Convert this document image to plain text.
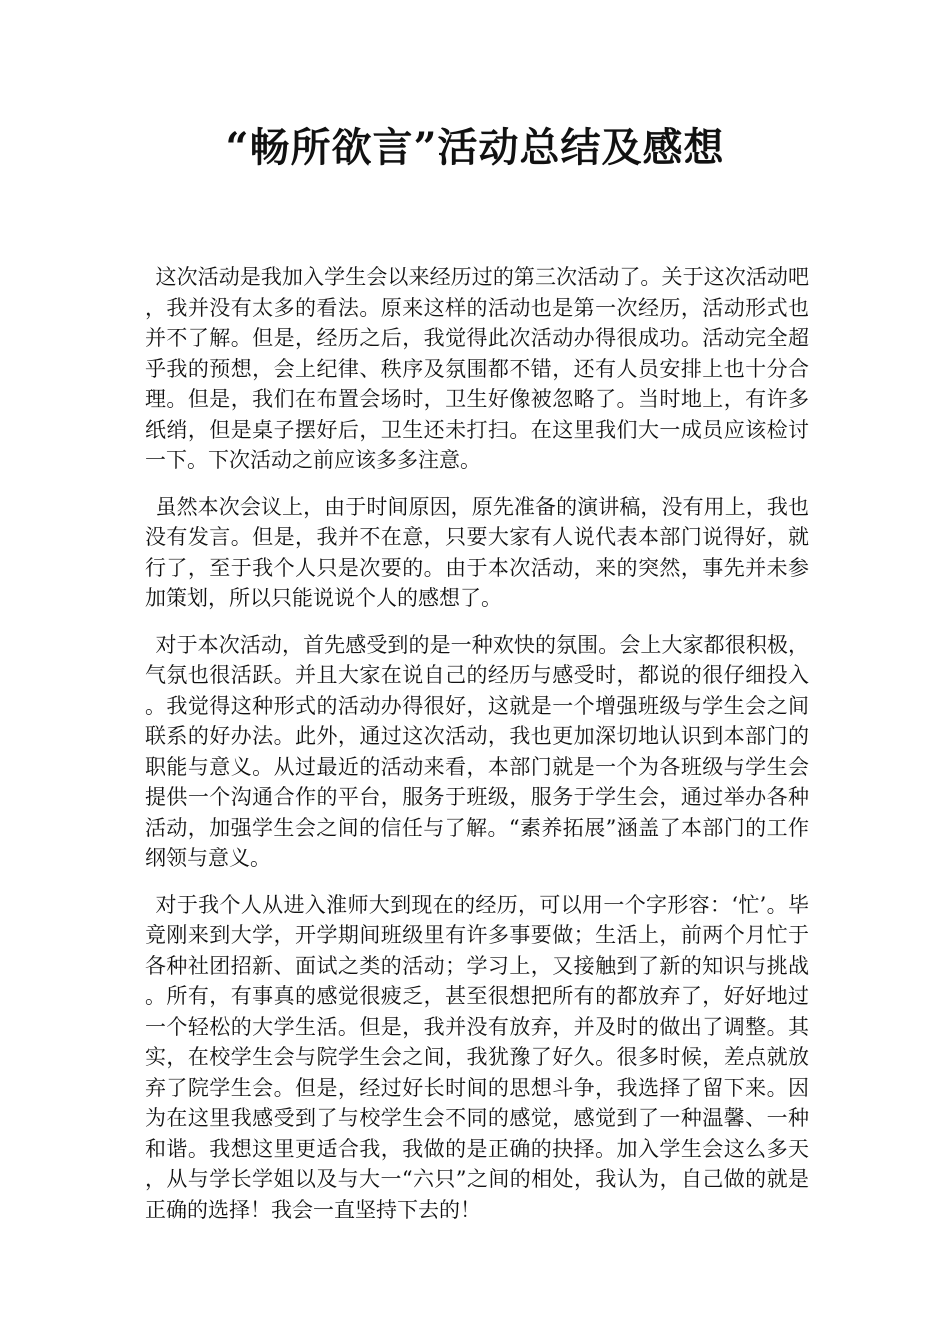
“畅所欲言”活动总结及感想

这次活动是我加入学生会以来经历过的第三次活动了。关于这次活动吧，我并没有太多的看法。原来这样的活动也是第一次经历，活动形式也并不了解。但是，经历之后，我觉得此次活动办得很成功。活动完全超乎我的预想，会上纪律、秩序及氛围都不错，还有人员安排上也十分合理。但是，我们在布置会场时，卫生好像被忽略了。当时地上，有许多纸绡，但是桌子摆好后，卫生还未打扫。在这里我们大一成员应该检讨一下。下次活动之前应该多多注意。

虽然本次会议上，由于时间原因，原先准备的演讲稿，没有用上，我也没有发言。但是，我并不在意，只要大家有人说代表本部门说得好，就行了，至于我个人只是次要的。由于本次活动，来的突然，事先并未参加策划，所以只能说说个人的感想了。

对于本次活动，首先感受到的是一种欢快的氛围。会上大家都很积极，气氛也很活跃。并且大家在说自己的经历与感受时，都说的很仔细投入。我觉得这种形式的活动办得很好，这就是一个增强班级与学生会之间联系的好办法。此外，通过这次活动，我也更加深切地认识到本部门的职能与意义。从过最近的活动来看，本部门就是一个为各班级与学生会提供一个沟通合作的平台，服务于班级，服务于学生会，通过举办各种活动，加强学生会之间的信任与了解。“素养拓展”涵盖了本部门的工作纲领与意义。

对于我个人从进入淮师大到现在的经历，可以用一个字形容：‘忙’。毕竟刚来到大学，开学期间班级里有许多事要做；生活上，前两个月忙于各种社团招新、面试之类的活动；学习上，又接触到了新的知识与挑战。所有，有事真的感觉很疲乏，甚至很想把所有的都放弃了，好好地过一个轻松的大学生活。但是，我并没有放弃，并及时的做出了调整。其实，在校学生会与院学生会之间，我犹豫了好久。很多时候，差点就放弃了院学生会。但是，经过好长时间的思想斗争，我选择了留下来。因为在这里我感受到了与校学生会不同的感觉，感觉到了一种温馨、一种和谐。我想这里更适合我，我做的是正确的抉择。加入学生会这么多天，从与学长学姐以及与大一“六只”之间的相处，我认为，自己做的就是正确的选择！我会一直坚持下去的！
